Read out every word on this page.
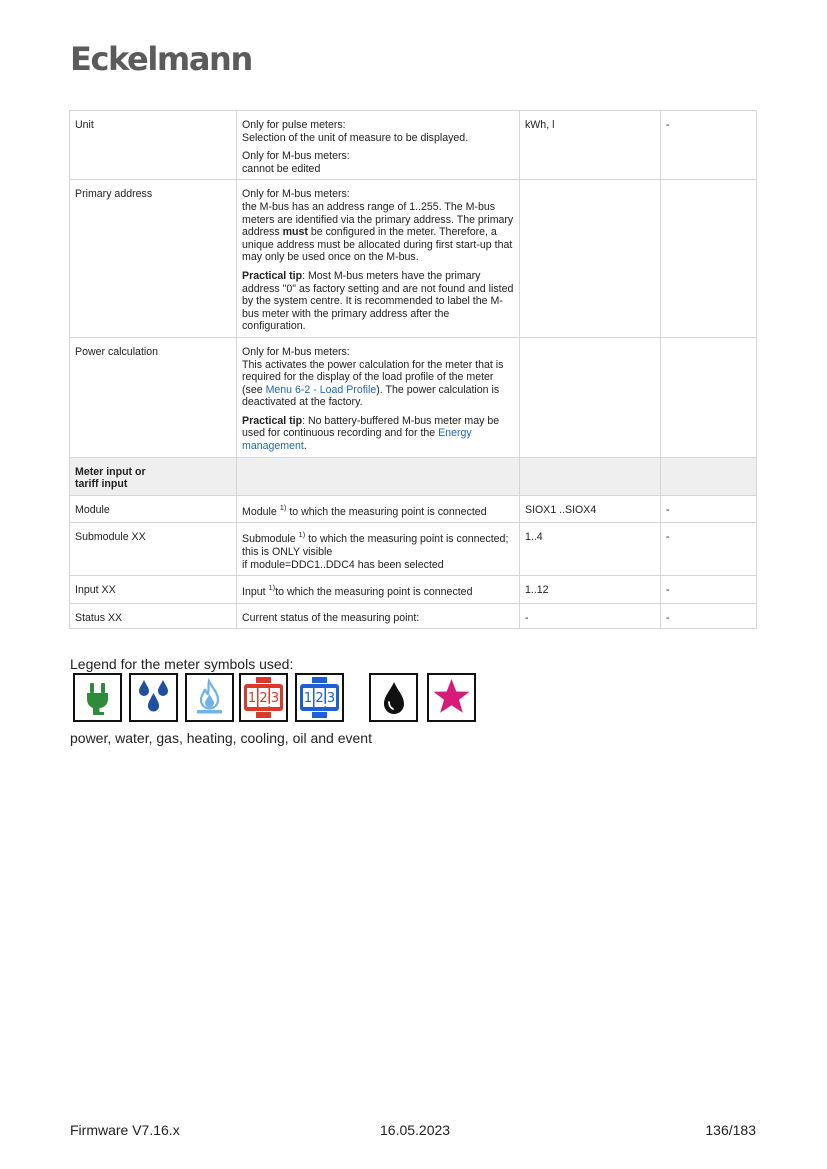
Eckelmann
Unit	Only for pulse meters:
Selection of the unit of measure to be displayed.

Only for M-bus meters:
cannot be edited	kWh, l	-
Primary address	Only for M-bus meters:
the M-bus has an address range of 1..255. The M-bus meters are identified via the primary address. The primary address must be configured in the meter. Therefore, a unique address must be allocated during first start-up that may only be used once on the M-bus.

Practical tip: Most M-bus meters have the primary address "0" as factory setting and are not found and listed by the system centre. It is recommended to label the M-bus meter with the primary address after the configuration.		

Power calculation	Only for M-bus meters:
This activates the power calculation for the meter that is required for the display of the load profile of the meter (see Menu 6-2 - Load Profile). The power calculation is deactivated at the factory.

Practical tip: No battery-buffered M-bus meter may be used for continuous recording and for the Energy management.		

Meter input or
tariff input			
Module	Module $^{1)}$ to which the measuring point is connected	SIOX1 ..SIOX4	-
Submodule XX	Submodule $^{1)}$ to which the measuring point is connected; this is ONLY visible
if module=DDC1..DDC4 has been selected	1..4	-
Input XX	Input $^{1)}$to which the measuring point is connected	1..12	-
Status XX	Current status of the measuring point:	-	-
Legend for the meter symbols used:
1 2 3 1 2 3
power, water, gas, heating, cooling, oil and event
Firmware V7.16.x	16.05.2023	136/183
